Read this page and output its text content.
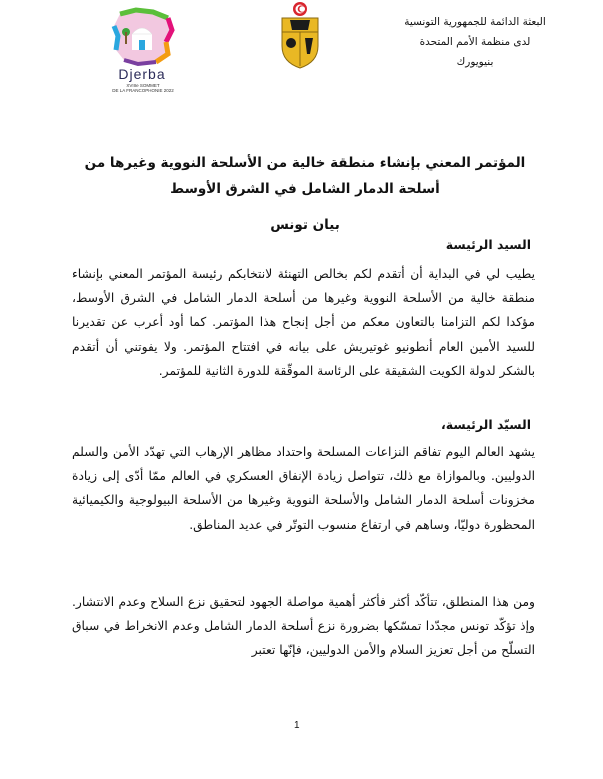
Djerba
XVIIIe SOMMET
DE LA FRANCOPHONIE 2022
البعثة الدائمة للجمهورية التونسية
لدى منظمة الأمم المتحدة
بنيويورك
المؤتمر المعني بإنشاء منطقة خالية من الأسلحة النووية وغيرها من أسلحة الدمار الشامل في الشرق الأوسط
بيان تونس
السيد الرئيسة
يطيب لي في البداية أن أتقدم لكم بخالص التهنئة لانتخابكم رئيسة المؤتمر المعني بإنشاء منطقة خالية من الأسلحة النووية وغيرها من أسلحة الدمار الشامل في الشرق الأوسط، مؤكدا لكم التزامنا بالتعاون معكم من أجل إنجاح هذا المؤتمر. كما أود أعرب عن تقديرنا للسيد الأمين العام أنطونيو غوتيريش على بيانه في افتتاح المؤتمر. ولا يفوتني أن أتقدم بالشكر لدولة الكويت الشقيقة على الرئاسة الموقّقة للدورة الثانية للمؤتمر.
السيّد الرئيسة،
يشهد العالم اليوم تفاقم النزاعات المسلحة واحتداد مظاهر الإرهاب التي تهدّد الأمن والسلم الدوليين. وبالموازاة مع ذلك، تتواصل زيادة الإنفاق العسكري في العالم ممّا أدّى إلى زيادة مخزونات أسلحة الدمار الشامل والأسلحة النووية وغيرها من الأسلحة البيولوجية والكيميائية المحظورة دوليّا، وساهم في ارتفاع منسوب التوتّر في عديد المناطق.
ومن هذا المنطلق، تتأكّد أكثر فأكثر أهمية مواصلة الجهود لتحقيق نزع السلاح وعدم الانتشار. وإذ تؤكّد تونس مجدّدا تمسّكها بضرورة نزع أسلحة الدمار الشامل وعدم الانخراط في سباق التسلّح من أجل تعزيز السلام والأمن الدوليين، فإنّها تعتبر
1
